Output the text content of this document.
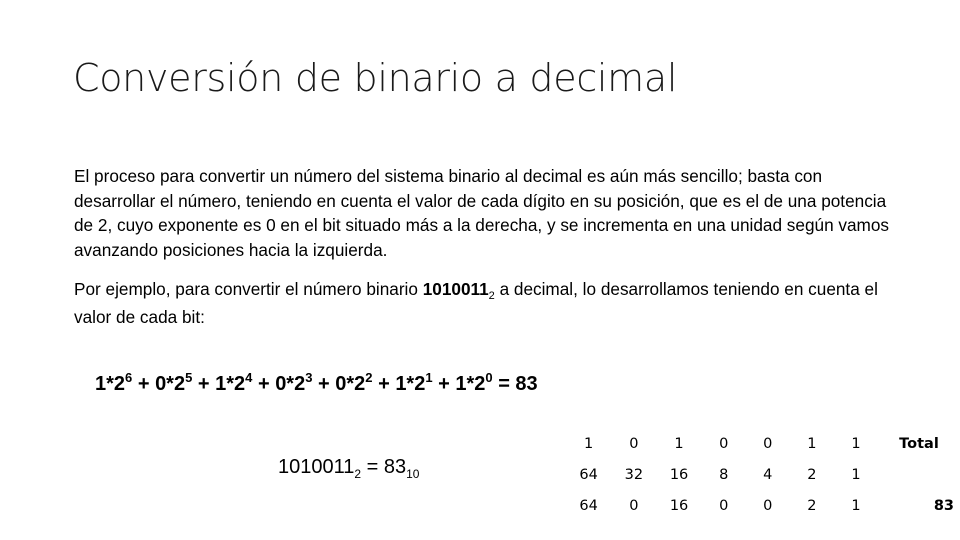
Conversión de binario a decimal

El proceso para convertir un número del sistema binario al decimal es aún más sencillo; basta con desarrollar el número, teniendo en cuenta el valor de cada dígito en su posición, que es el de una potencia de 2, cuyo exponente es 0 en el bit situado más a la derecha, y se incrementa en una unidad según vamos avanzando posiciones hacia la izquierda.

Por ejemplo, para convertir el número binario $1010011_2$ a decimal, lo desarrollamos teniendo en cuenta el valor de cada bit:

$1*2^6 + 0*2^5 + 1*2^4 + 0*2^3 + 0*2^2 + 1*2^1 + 1*2^0 = 83$
$1010011_2 = 83_{10}$
1	0	1	0	0	1	1	Total
64	32	16	8	4	2	1	
64	0	16	0	0	2	1	83
